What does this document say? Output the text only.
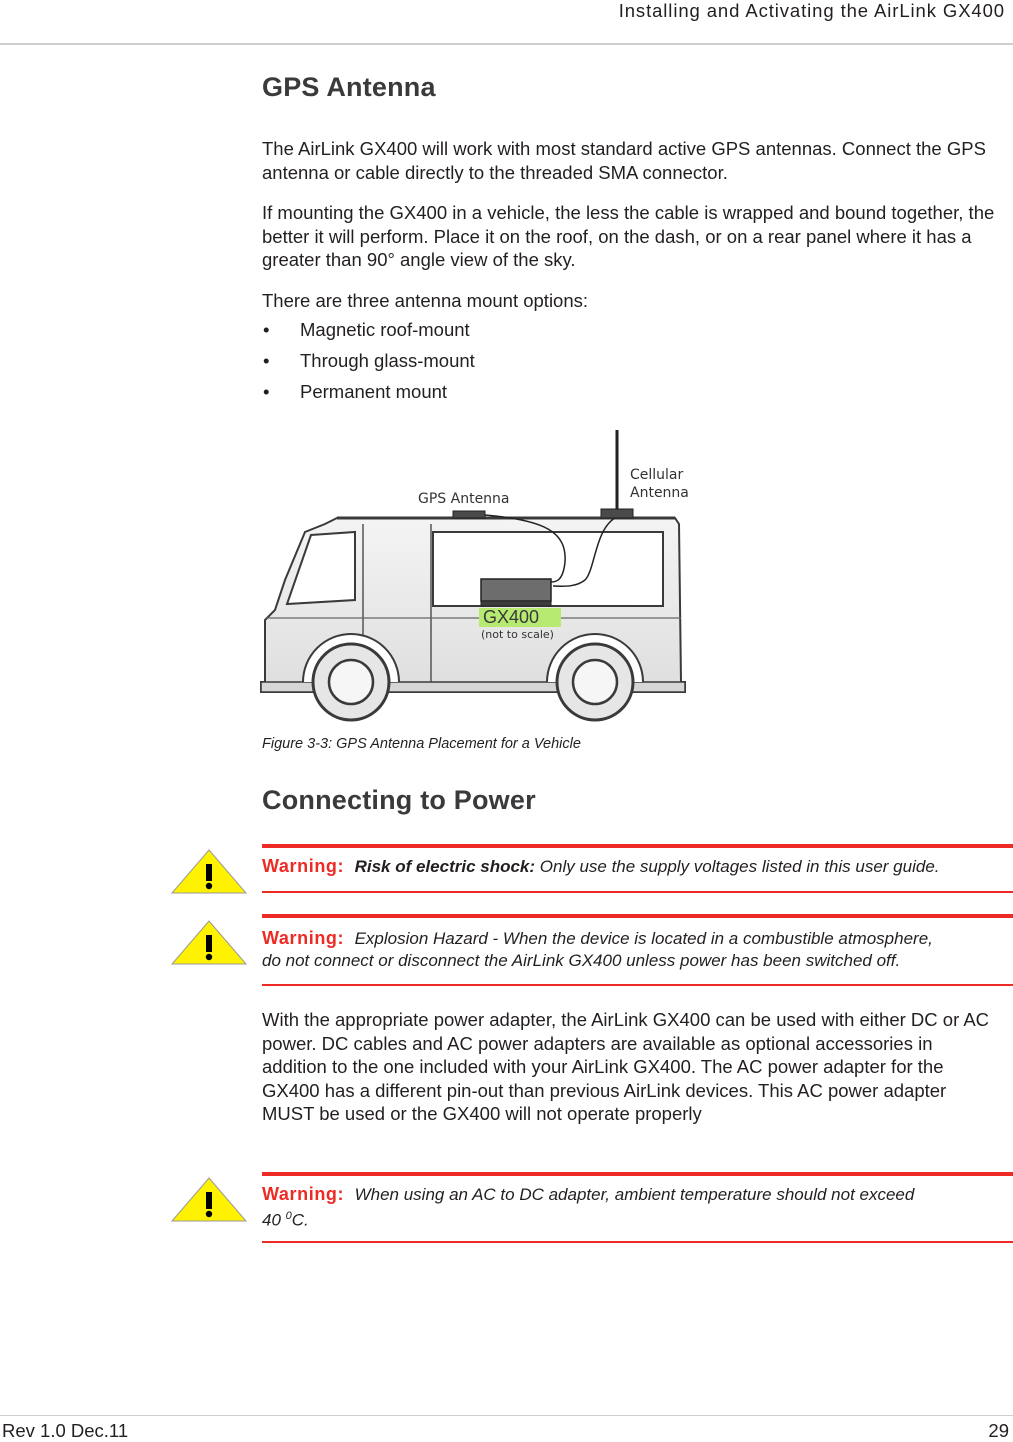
Installing and Activating the AirLink GX400
GPS Antenna

The AirLink GX400 will work with most standard active GPS antennas. Connect the GPS antenna or cable directly to the threaded SMA connector.

If mounting the GX400 in a vehicle, the less the cable is wrapped and bound together, the better it will perform. Place it on the roof, on the dash, or on a rear panel where it has a greater than 90° angle view of the sky.

There are three antenna mount options:

• Magnetic roof-mount
• Through glass-mount
• Permanent mount
GX400
(not to scale)
GPS Antenna
Cellular
Antenna
Figure 3-3: GPS Antenna Placement for a Vehicle
Connecting to Power
Warning: Risk of electric shock: Only use the supply voltages listed in this user guide.
Warning: Explosion Hazard - When the device is located in a combustible atmosphere,
do not connect or disconnect the AirLink GX400 unless power has been switched off.

With the appropriate power adapter, the AirLink GX400 can be used with either DC or AC power. DC cables and AC power adapters are available as optional accessories in addition to the one included with your AirLink GX400. The AC power adapter for the GX400 has a different pin-out than previous AirLink devices. This AC power adapter MUST be used or the GX400 will not operate properly

Warning: When using an AC to DC adapter, ambient temperature should not exceed
40 $^0$C.
Rev 1.0 Dec.11	29
